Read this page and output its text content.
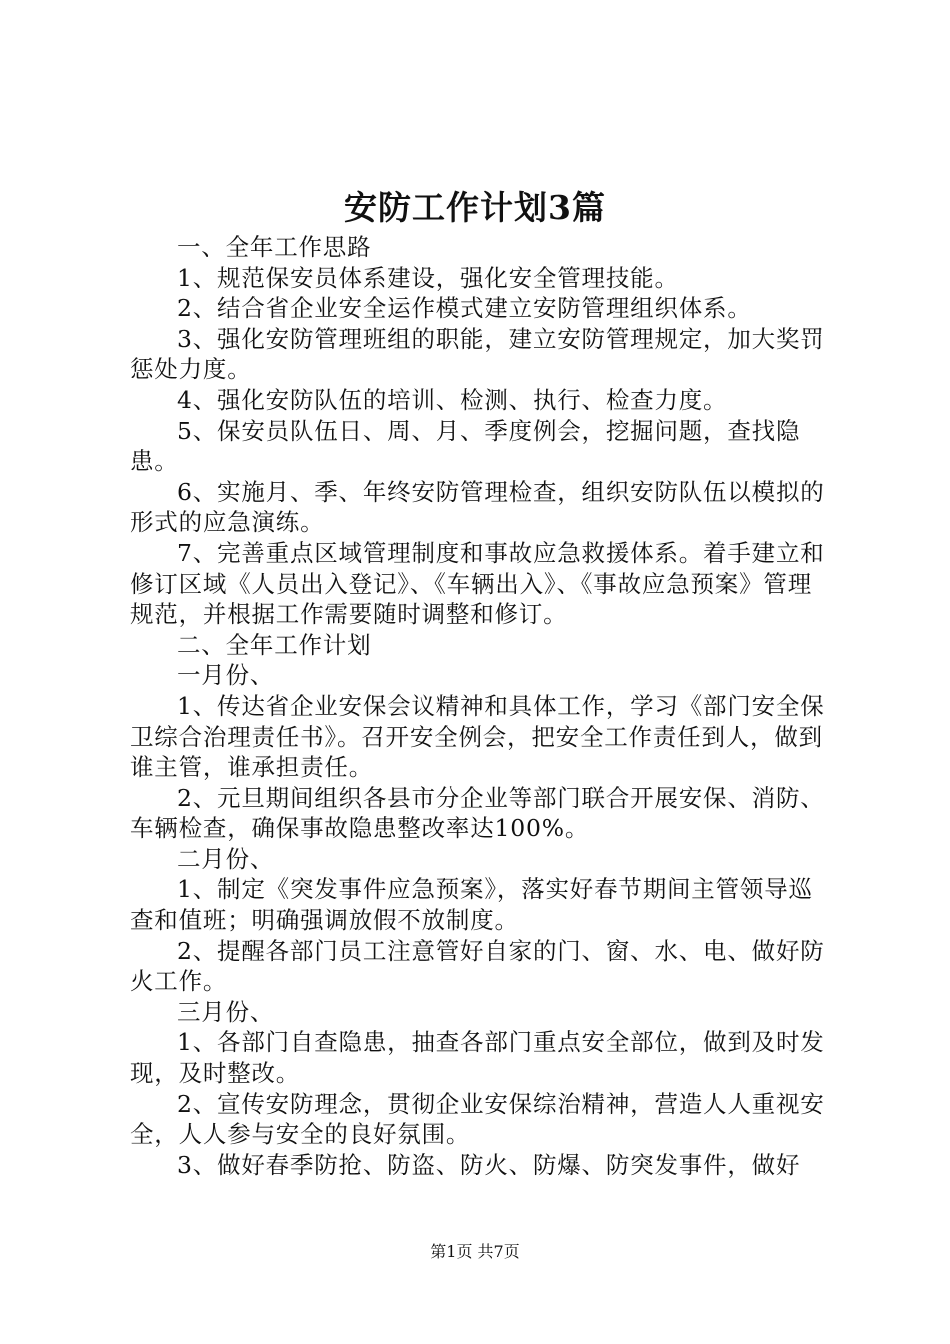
安防工作计划3篇

一、全年工作思路

1、规范保安员体系建设，强化安全管理技能。

2、结合省企业安全运作模式建立安防管理组织体系。

3、强化安防管理班组的职能，建立安防管理规定，加大奖罚惩处力度。

4、强化安防队伍的培训、检测、执行、检查力度。

5、保安员队伍日、周、月、季度例会，挖掘问题，查找隐患。

6、实施月、季、年终安防管理检查，组织安防队伍以模拟的形式的应急演练。

7、完善重点区域管理制度和事故应急救援体系。着手建立和修订区域《人员出入登记》、《车辆出入》、《事故应急预案》管理规范，并根据工作需要随时调整和修订。

二、全年工作计划

一月份、

1、传达省企业安保会议精神和具体工作，学习《部门安全保卫综合治理责任书》。召开安全例会，把安全工作责任到人，做到谁主管，谁承担责任。

2、元旦期间组织各县市分企业等部门联合开展安保、消防、车辆检查，确保事故隐患整改率达100%。

二月份、

1、制定《突发事件应急预案》，落实好春节期间主管领导巡查和值班；明确强调放假不放制度。

2、提醒各部门员工注意管好自家的门、窗、水、电、做好防火工作。

三月份、

1、各部门自查隐患，抽查各部门重点安全部位，做到及时发现，及时整改。

2、宣传安防理念，贯彻企业安保综治精神，营造人人重视安全，人人参与安全的良好氛围。

3、做好春季防抢、防盗、防火、防爆、防突发事件，做好

第1页 共7页
